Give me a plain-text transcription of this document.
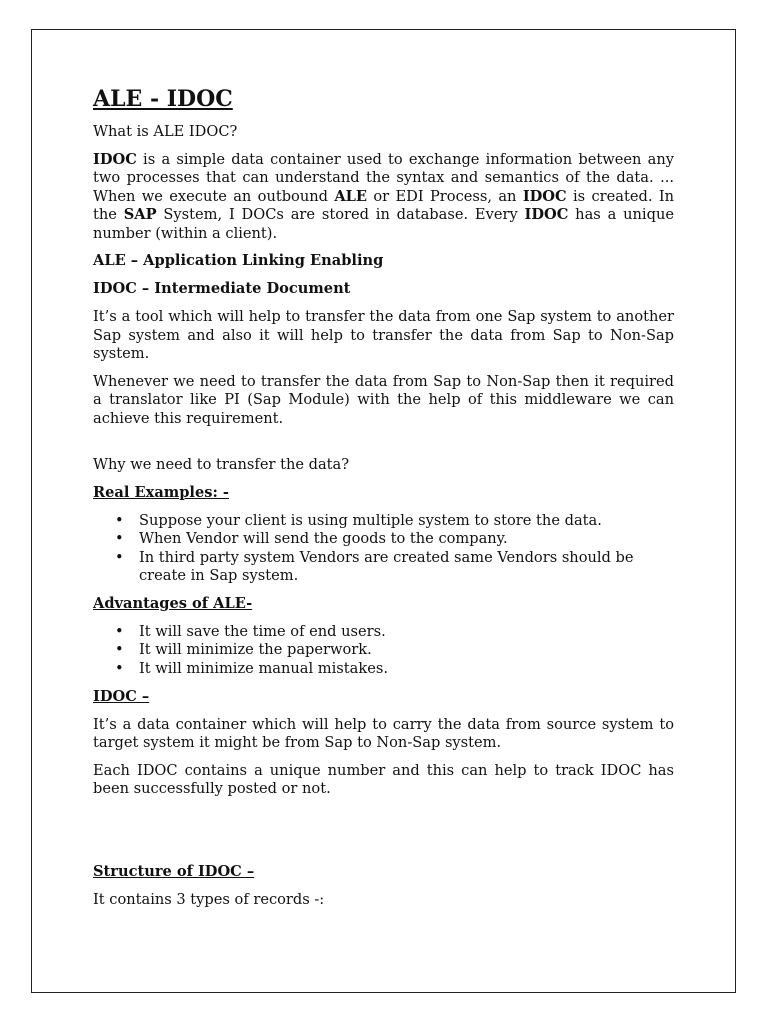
ALE - IDOC

What is ALE IDOC?

IDOC is a simple data container used to exchange information between any two processes that can understand the syntax and semantics of the data. ... When we execute an outbound ALE or EDI Process, an IDOC is created. In the SAP System, I DOCs are stored in database. Every IDOC has a unique number (within a client).

ALE – Application Linking Enabling

IDOC – Intermediate Document

It’s a tool which will help to transfer the data from one Sap system to another Sap system and also it will help to transfer the data from Sap to Non-Sap system.

Whenever we need to transfer the data from Sap to Non-Sap then it required a translator like PI (Sap Module) with the help of this middleware we can achieve this requirement.

Why we need to transfer the data?

Real Examples: -

• Suppose your client is using multiple system to store the data.
• When Vendor will send the goods to the company.
• In third party system Vendors are created same Vendors should be create in Sap system.

Advantages of ALE-

• It will save the time of end users.
• It will minimize the paperwork.
• It will minimize manual mistakes.

IDOC –

It’s a data container which will help to carry the data from source system to target system it might be from Sap to Non-Sap system.

Each IDOC contains a unique number and this can help to track IDOC has been successfully posted or not.

Structure of IDOC –

It contains 3 types of records -:
